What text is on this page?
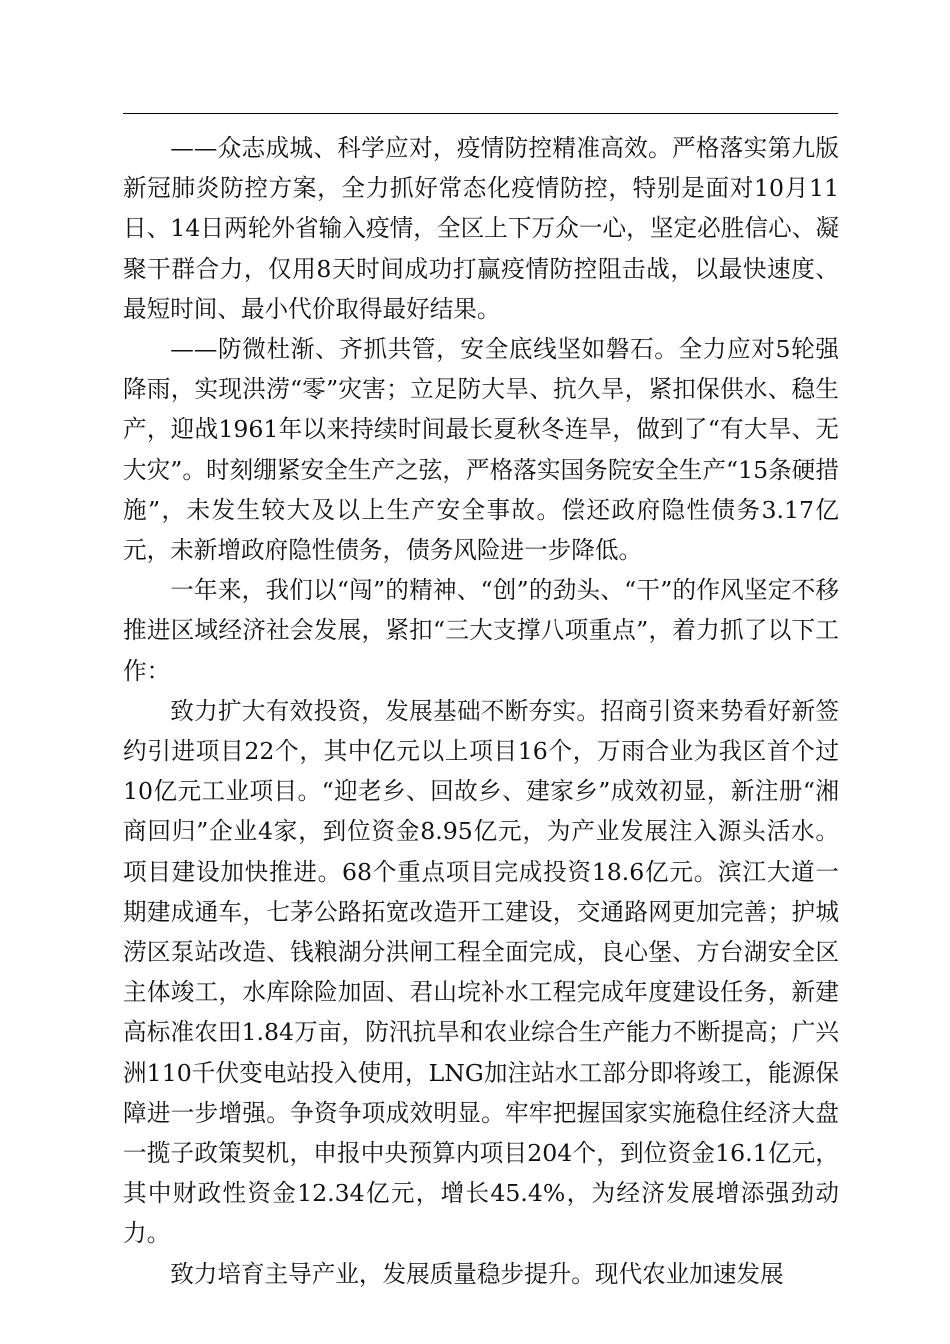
——众志成城、科学应对，疫情防控精准高效。严格落实第九版新冠肺炎防控方案，全力抓好常态化疫情防控，特别是面对10月11日、14日两轮外省输入疫情，全区上下万众一心，坚定必胜信心、凝聚干群合力，仅用8天时间成功打赢疫情防控阻击战，以最快速度、最短时间、最小代价取得最好结果。

——防微杜渐、齐抓共管，安全底线坚如磐石。全力应对5轮强降雨，实现洪涝“零”灾害；立足防大旱、抗久旱，紧扣保供水、稳生产，迎战1961年以来持续时间最长夏秋冬连旱，做到了“有大旱、无大灾”。时刻绷紧安全生产之弦，严格落实国务院安全生产“15条硬措施”，未发生较大及以上生产安全事故。偿还政府隐性债务3.17亿元，未新增政府隐性债务，债务风险进一步降低。

一年来，我们以“闯”的精神、“创”的劲头、“干”的作风坚定不移推进区域经济社会发展，紧扣“三大支撑八项重点”，着力抓了以下工作：

致力扩大有效投资，发展基础不断夯实。招商引资来势看好新签约引进项目22个，其中亿元以上项目16个，万雨合业为我区首个过10亿元工业项目。“迎老乡、回故乡、建家乡”成效初显，新注册“湘商回归”企业4家，到位资金8.95亿元，为产业发展注入源头活水。项目建设加快推进。68个重点项目完成投资18.6亿元。滨江大道一期建成通车，七茅公路拓宽改造开工建设，交通路网更加完善；护城涝区泵站改造、钱粮湖分洪闸工程全面完成，良心堡、方台湖安全区主体竣工，水库除险加固、君山垸补水工程完成年度建设任务，新建高标准农田1.84万亩，防汛抗旱和农业综合生产能力不断提高；广兴洲110千伏变电站投入使用，LNG加注站水工部分即将竣工，能源保障进一步增强。争资争项成效明显。牢牢把握国家实施稳住经济大盘一揽子政策契机，申报中央预算内项目204个，到位资金16.1亿元，其中财政性资金12.34亿元，增长45.4%，为经济发展增添强劲动力。

致力培育主导产业，发展质量稳步提升。现代农业加速发展
